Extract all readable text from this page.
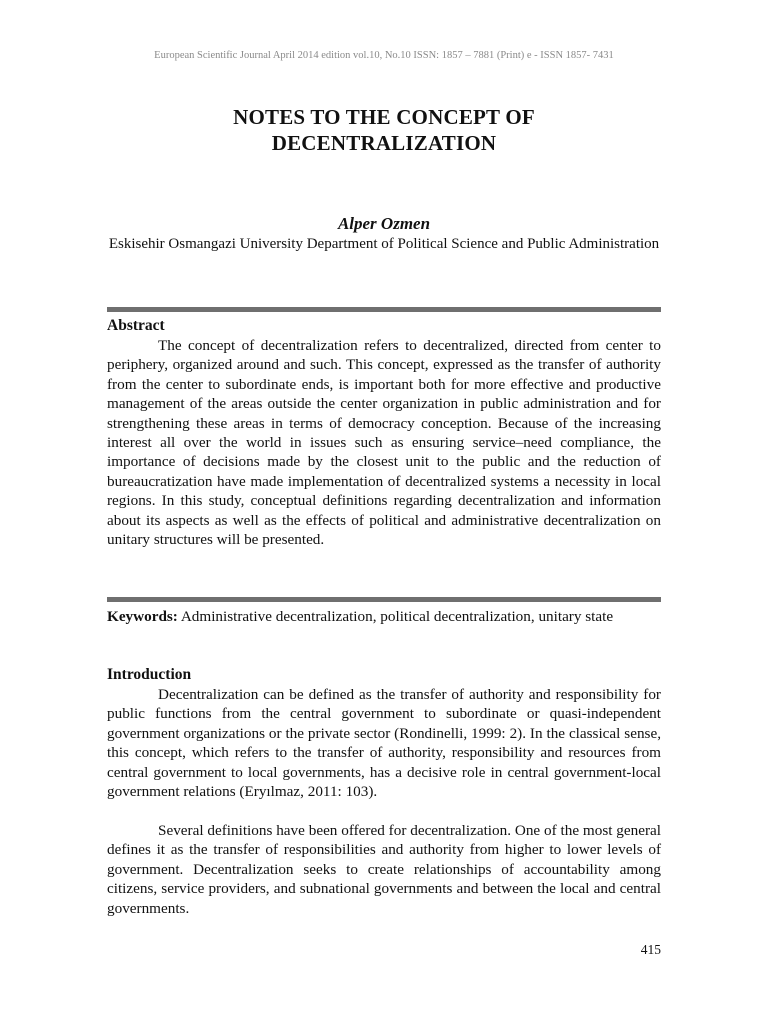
European Scientific Journal April 2014 edition vol.10, No.10 ISSN: 1857 – 7881 (Print) e - ISSN 1857- 7431
NOTES TO THE CONCEPT OF
DECENTRALIZATION
Alper Ozmen
Eskisehir Osmangazi University Department of Political Science and Public Administration
Abstract
The concept of decentralization refers to decentralized, directed from center to periphery, organized around and such. This concept, expressed as the transfer of authority from the center to subordinate ends, is important both for more effective and productive management of the areas outside the center organization in public administration and for strengthening these areas in terms of democracy conception. Because of the increasing interest all over the world in issues such as ensuring service–need compliance, the importance of decisions made by the closest unit to the public and the reduction of bureaucratization have made implementation of decentralized systems a necessity in local regions. In this study, conceptual definitions regarding decentralization and information about its aspects as well as the effects of political and administrative decentralization on unitary structures will be presented.
Keywords: Administrative decentralization, political decentralization, unitary state
Introduction
Decentralization can be defined as the transfer of authority and responsibility for public functions from the central government to subordinate or quasi-independent government organizations or the private sector (Rondinelli, 1999: 2). In the classical sense, this concept, which refers to the transfer of authority, responsibility and resources from central government to local governments, has a decisive role in central government-local government relations (Eryılmaz, 2011: 103).
Several definitions have been offered for decentralization. One of the most general defines it as the transfer of responsibilities and authority from higher to lower levels of government. Decentralization seeks to create relationships of accountability among citizens, service providers, and subnational governments and between the local and central governments.
415
